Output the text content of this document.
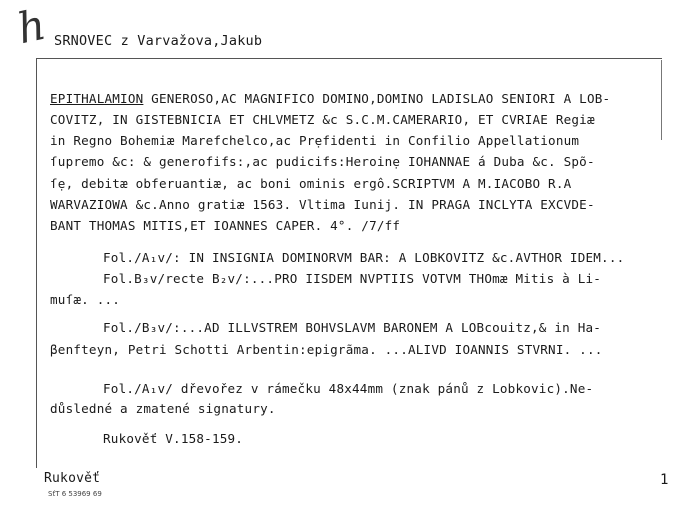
ℎ SRNOVEC z Varvažova,Jakub
EPITHALAMION GENEROSO,AC MAGNIFICO DOMINO,DOMINO LADISLAO SENIORI A LOB-
COVITZ, IN GISTEBNICIA ET CHLVMETZ &c S.C.M.CAMERARIO, ET CVRIAE Regiæ
in Regno Bohemiæ Marefchelco,ac Prẹfidenti in Confilio Appellationum
ſupremo &c: & generofifs:,ac pudicifs:Heroinẹ IOHANNAE á Duba &c. Spõ-
ſẹ, debitæ obferuantiæ, ac boni ominis ergô.SCRIPTVM A M.IACOBO R.A
WARVAZIOWA &c.Anno gratiæ 1563. Vltima Iunij. IN PRAGA INCLYTA EXCVDE-
BANT THOMAS MITIS,ET IOANNES CAPER. 4°. /7/ff
Fol./A₁v/: IN INSIGNIA DOMINORVM BAR: A LOBKOVITZ &c.AVTHOR IDEM...
Fol.B₃v/recte B₂v/:...PRO IISDEM NVPTIIS VOTVM THOmæ Mitis à Li-
muſæ. ...
Fol./B₃v/:...AD ILLVSTREM BOHVSLAVM BARONEM A LOBcouitz,& in Ha-
βenfteyn, Petri Schotti Arbentin:epigrãma. ...ALIVD IOANNIS STVRNI. ...
Fol./A₁v/ dřevořez v rámečku 48x44mm (znak pánů z Lobkovic).Ne-
důsledné a zmatené signatury.
Rukověť V.158-159.
Rukověť
SťT 6 53969 69
1
